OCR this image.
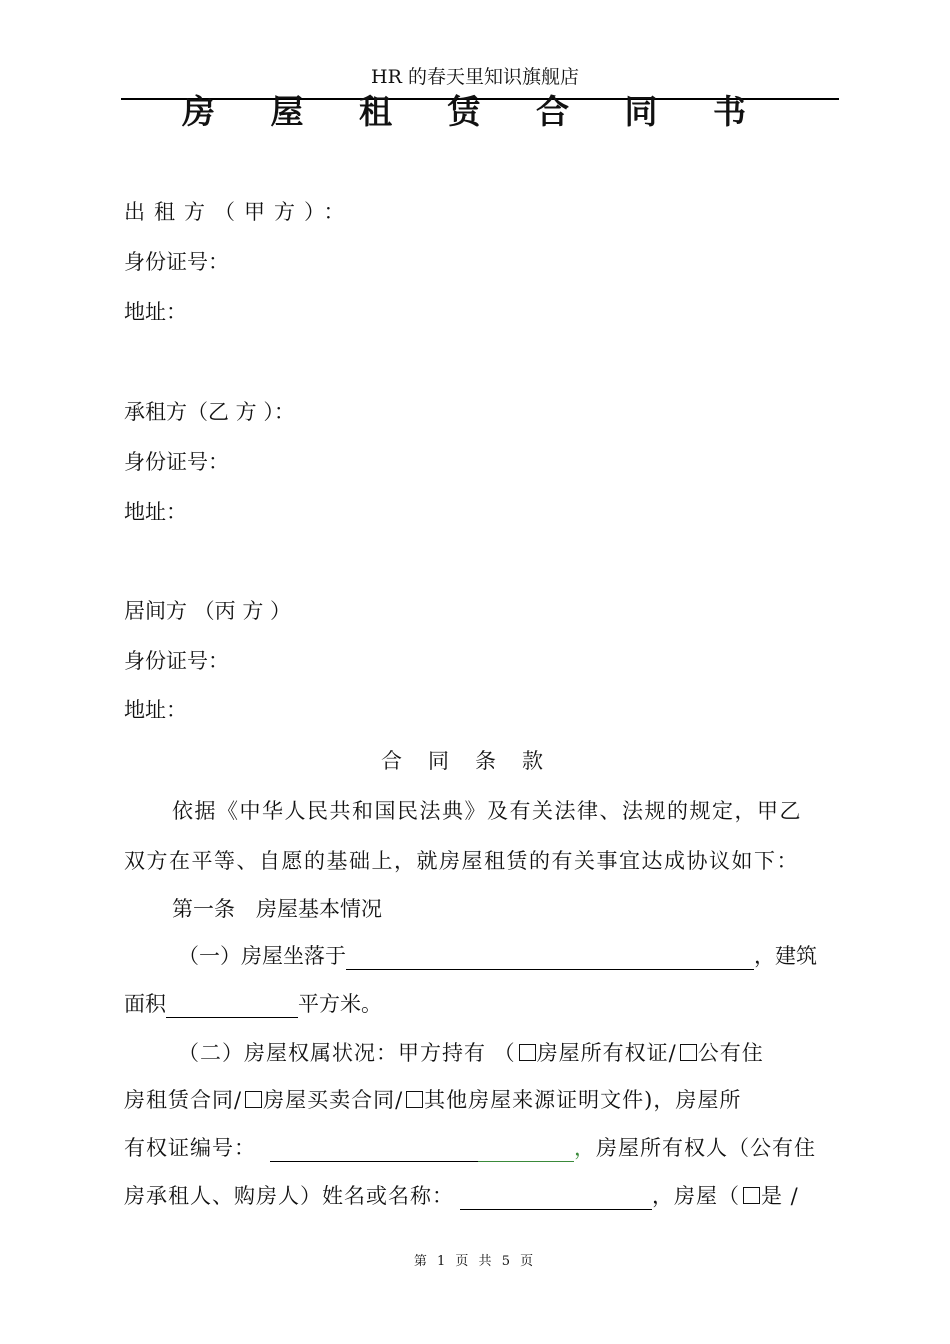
HR 的春天里知识旗舰店
房 屋 租 赁 合 同 书
出租方（甲方）：
身份证号：
地址：
承租方（乙 方 ）：
身份证号：
地址：
居间方 （丙 方 ）
身份证号：
地址：
合同条款
依据《中华人民共和国民法典》及有关法律、法规的规定，甲乙
双方在平等、自愿的基础上，就房屋租赁的有关事宜达成协议如下：
第一条　房屋基本情况
（一）房屋坐落于	，建筑
面积	平方米。
（二）房屋权属状况：甲方持有 （ 房屋所有权证/ 公有住
房租赁合同/ 房屋买卖合同/ 其他房屋来源证明文件)，房屋所
有权证编号：	，房屋所有权人（公有住
房承租人、购房人）姓名或名称：	，房屋（ 是 /
第 1 页 共 5 页
